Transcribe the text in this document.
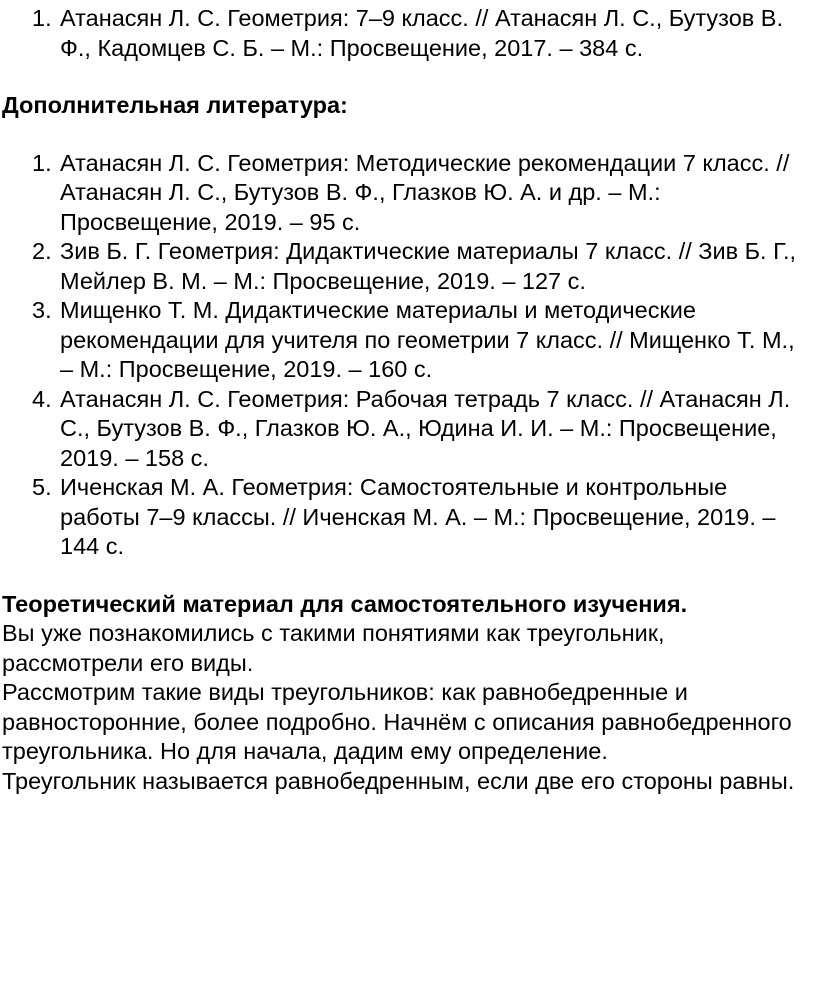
1. Атанасян Л. С. Геометрия: 7–9 класс. // Атанасян Л. С., Бутузов В. Ф., Кадомцев С. Б. – М.: Просвещение, 2017. – 384 с.
Дополнительная литература:
1. Атанасян Л. С. Геометрия: Методические рекомендации 7 класс. // Атанасян Л. С., Бутузов В. Ф., Глазков Ю. А. и др. – М.: Просвещение, 2019. – 95 с.
2. Зив Б. Г. Геометрия: Дидактические материалы 7 класс. // Зив Б. Г., Мейлер В. М. – М.: Просвещение, 2019. – 127 с.
3. Мищенко Т. М. Дидактические материалы и методические рекомендации для учителя по геометрии 7 класс. // Мищенко Т. М., – М.: Просвещение, 2019. – 160 с.
4. Атанасян Л. С. Геометрия: Рабочая тетрадь 7 класс. // Атанасян Л. С., Бутузов В. Ф., Глазков Ю. А., Юдина И. И. – М.: Просвещение, 2019. – 158 с.
5. Иченская М. А. Геометрия: Самостоятельные и контрольные работы 7–9 классы. // Иченская М. А. – М.: Просвещение, 2019. – 144 с.
Теоретический материал для самостоятельного изучения.

Вы уже познакомились с такими понятиями как треугольник, рассмотрели его виды.

Рассмотрим такие виды треугольников: как равнобедренные и равносторонние, более подробно. Начнём с описания равнобедренного треугольника. Но для начала, дадим ему определение.

Треугольник называется равнобедренным, если две его стороны равны.
